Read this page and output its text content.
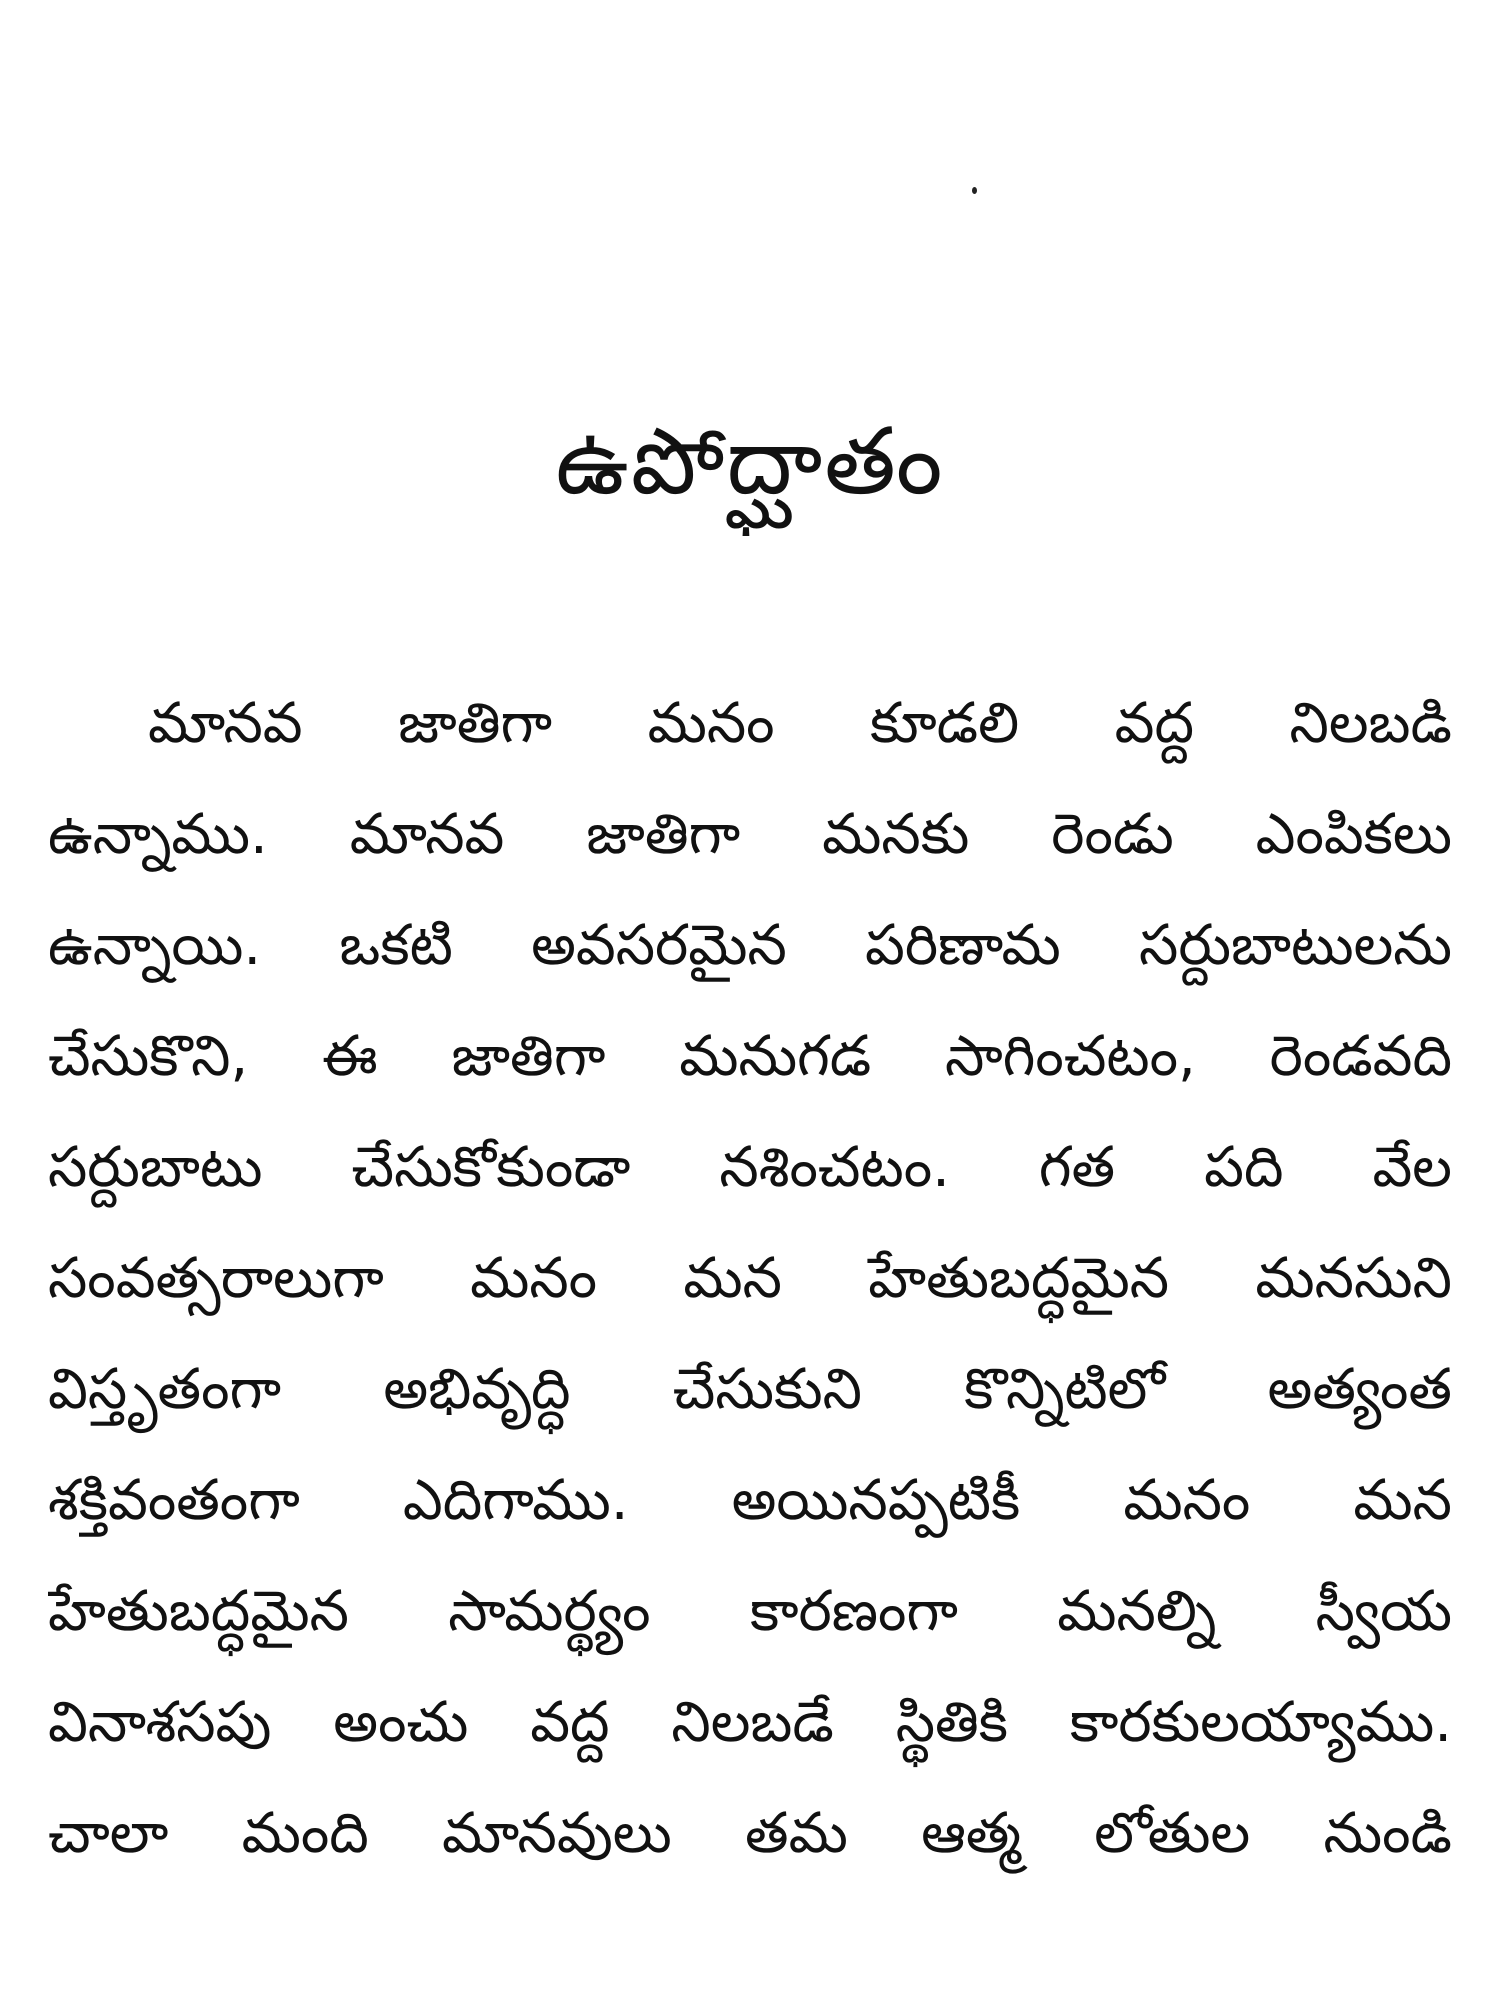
ఉపోద్ఘాతం
మానవ జాతిగా మనం కూడలి వద్ద నిలబడి
ఉన్నాము. మానవ జాతిగా మనకు రెండు ఎంపికలు
ఉన్నాయి. ఒకటి అవసరమైన పరిణామ సర్దుబాటులను
చేసుకొని, ఈ జాతిగా మనుగడ సాగించటం, రెండవది
సర్దుబాటు చేసుకోకుండా నశించటం. గత పది వేల
సంవత్సరాలుగా మనం మన హేతుబద్ధమైన మనసుని
విస్తృతంగా అభివృద్ధి చేసుకుని కొన్నిటిలో అత్యంత
శక్తివంతంగా ఎదిగాము. అయినప్పటికీ మనం మన
హేతుబద్ధమైన సామర్థ్యం కారణంగా మనల్ని స్వీయ
వినాశసపు అంచు వద్ద నిలబడే స్థితికి కారకులయ్యాము.
చాలా మంది మానవులు తమ ఆత్మ లోతుల నుండి
